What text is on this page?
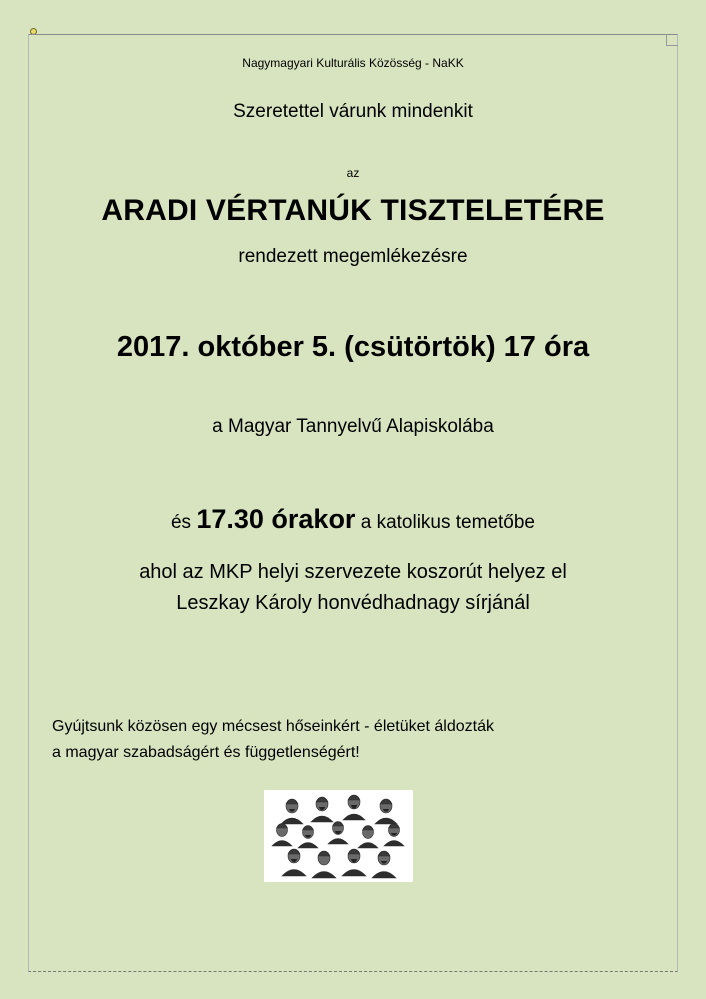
Nagymagyari Kulturális Közösség - NaKK
Szeretettel várunk mindenkit
az
ARADI VÉRTANÚK TISZTELETÉRE
rendezett megemlékezésre
2017. október 5. (csütörtök) 17 óra
a Magyar Tannyelvű Alapiskolába
és 17.30 órakor a katolikus temetőbe
ahol az MKP helyi szervezete koszorút helyez el
Leszkay Károly honvédhadnagy sírjánál
Gyújtsunk közösen egy mécsest hőseinkért - életüket áldozták
a magyar szabadságért és függetlenségért!
